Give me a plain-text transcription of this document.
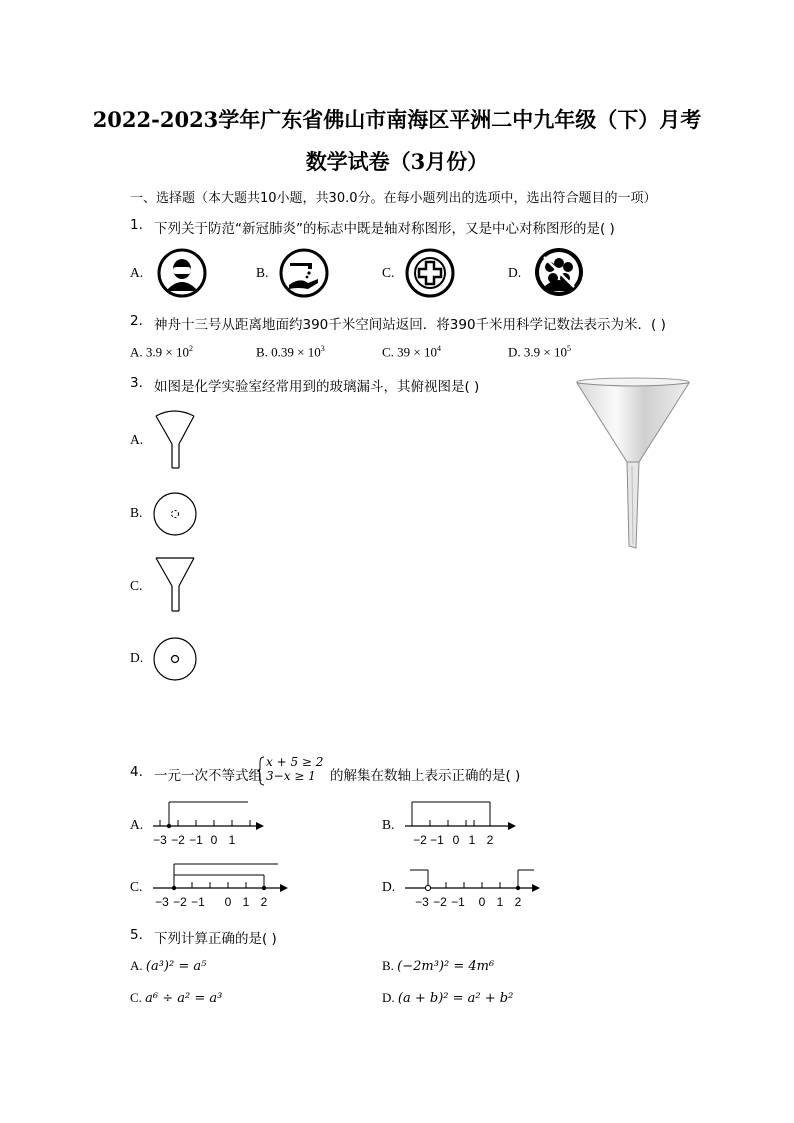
2022-2023学年广东省佛山市南海区平洲二中九年级（下）月考
数学试卷（3月份）
一、选择题（本大题共10小题，共30.0分。在每小题列出的选项中，选出符合题目的一项）
1. 下列关于防范“新冠肺炎”的标志中既是轴对称图形，又是中心对称图形的是( )
A.	B.	C.	D.
2. 神舟十三号从距离地面约390千米空间站返回．将390千米用科学记数法表示为米．( )
A. $3.9 \times 10^2$	B. $0.39 \times 10^3$	C. $39 \times 10^4$	D. $3.9 \times 10^5$
3. 如图是化学实验室经常用到的玻璃漏斗，其俯视图是( )
A.
B.
C.
D.
4. 一元一次不等式组
x + 5 ≥ 2
3−x ≥ 1 的解集在数轴上表示正确的是( )
A.
−3 −2 −1 0 1
B.
−2 −1 0 1 2
C.
−3 −2 −1 0 1 2
D.
−3 −2 −1 0 1 2
5. 下列计算正确的是( )
A. (a³)² = a⁵	B. (−2m³)² = 4m⁶
C. a⁶ ÷ a² = a³	D. (a + b)² = a² + b²
